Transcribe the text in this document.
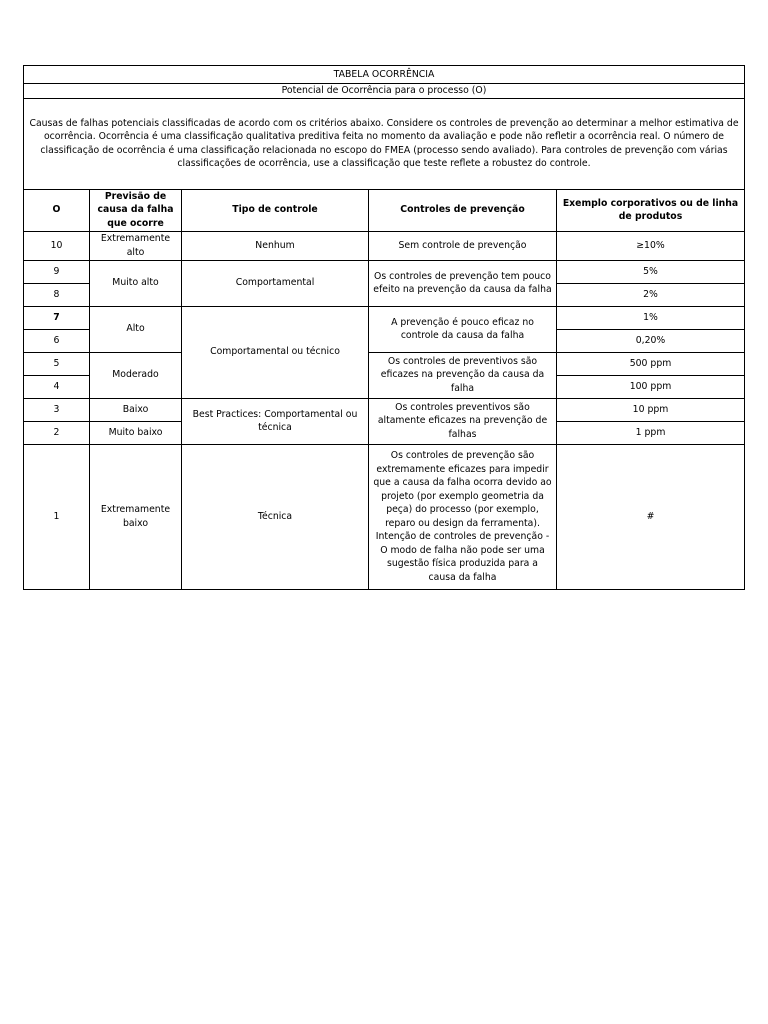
TABELA OCORRÊNCIA				
Potencial de Ocorrência para o processo (O)				
Causas de falhas potenciais classificadas de acordo com os critérios abaixo. Considere os controles de prevenção ao determinar a melhor estimativa de ocorrência. Ocorrência é uma classificação qualitativa preditiva feita no momento da avaliação e pode não refletir a ocorrência real. O número de classificação de ocorrência é uma classificação relacionada no escopo do FMEA (processo sendo avaliado). Para controles de prevenção com várias classificações de ocorrência, use a classificação que teste reflete a robustez do controle.				
O	Previsão de causa da falha que ocorre	Tipo de controle	Controles de prevenção	Exemplo corporativos ou de linha de produtos
10	Extremamente alto	Nenhum	Sem controle de prevenção	≥10%
9	Muito alto	Comportamental	Os controles de prevenção tem pouco efeito na prevenção da causa da falha	5%
8				2%
7	Alto	Comportamental ou técnico	A prevenção é pouco eficaz no controle da causa da falha	1%
6				0,20%
5	Moderado		Os controles de preventivos são eficazes na prevenção da causa da falha	500 ppm
4				100 ppm
3	Baixo	Best Practices: Comportamental ou técnica	Os controles preventivos são altamente eficazes na prevenção de falhas	10 ppm
2	Muito baixo			1 ppm
1	Extremamente baixo	Técnica	Os controles de prevenção são extremamente eficazes para impedir que a causa da falha ocorra devido ao projeto (por exemplo geometria da peça) do processo (por exemplo, reparo ou design da ferramenta). Intenção de controles de prevenção - O modo de falha não pode ser uma sugestão física produzida para a causa da falha	#
